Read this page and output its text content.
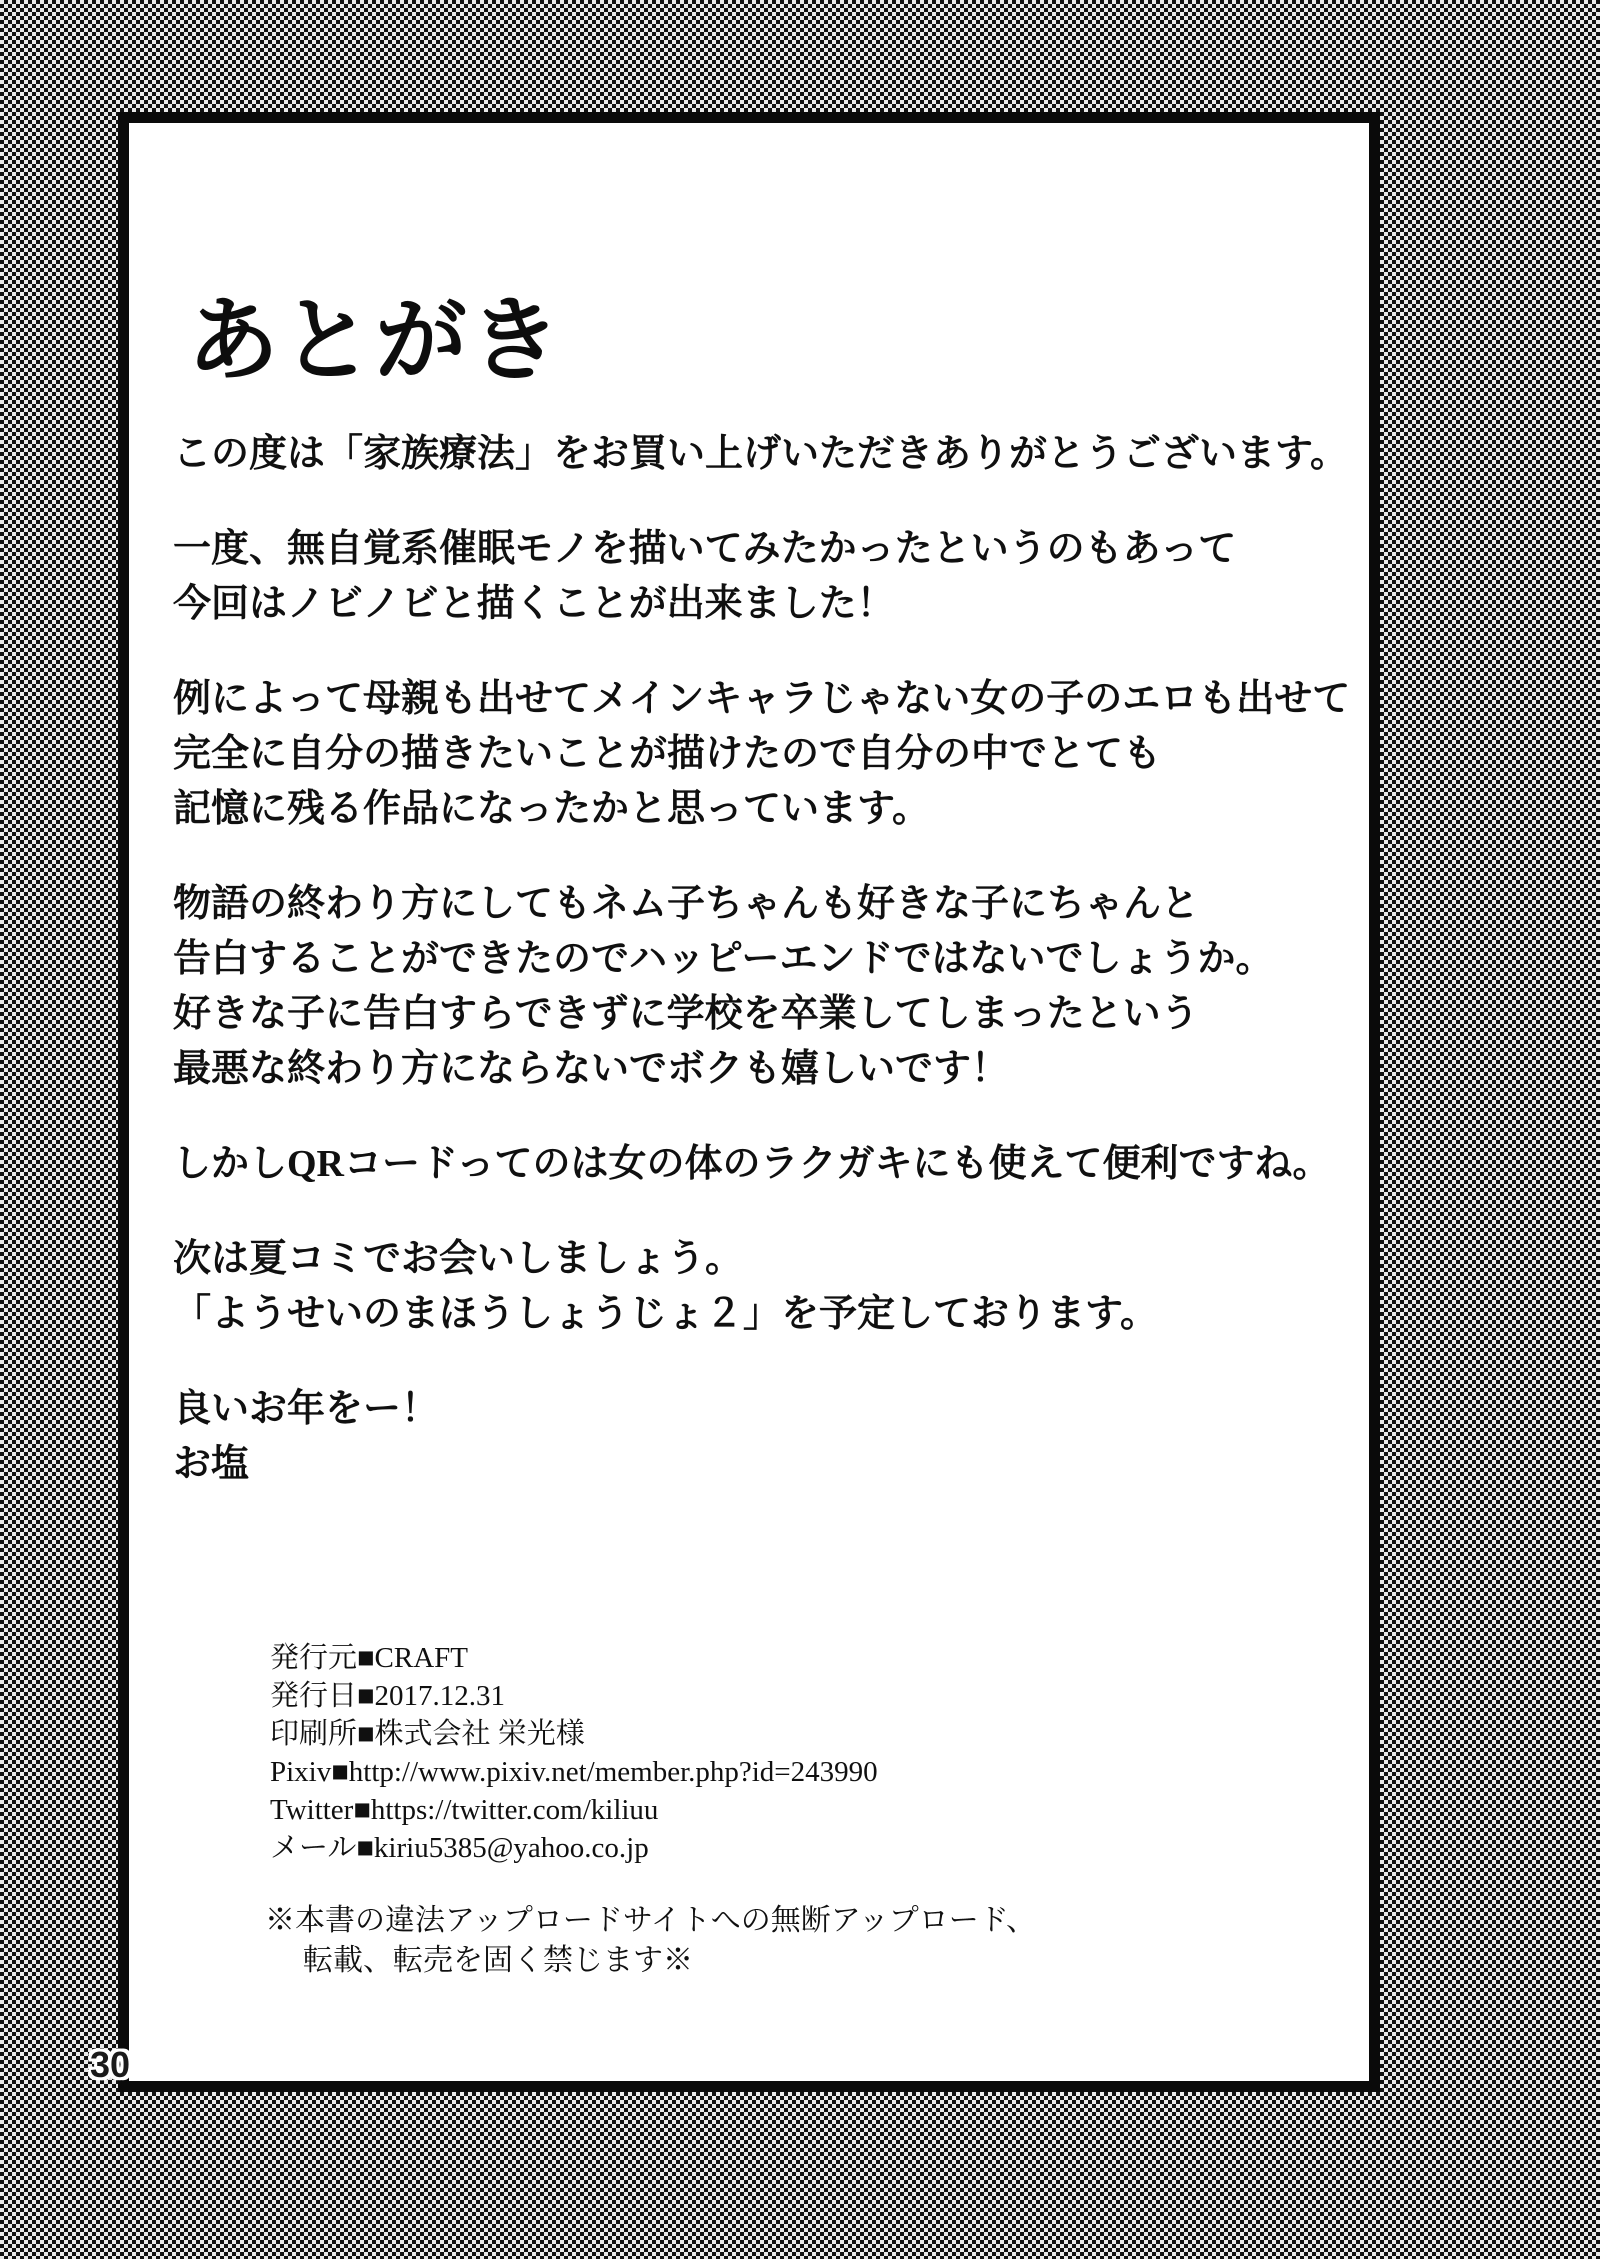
あとがき
この度は「家族療法」をお買い上げいただきありがとうございます。
一度、無自覚系催眠モノを描いてみたかったというのもあって
今回はノビノビと描くことが出来ました！
例によって母親も出せてメインキャラじゃない女の子のエロも出せて
完全に自分の描きたいことが描けたので自分の中でとても
記憶に残る作品になったかと思っています。
物語の終わり方にしてもネム子ちゃんも好きな子にちゃんと
告白することができたのでハッピーエンドではないでしょうか。
好きな子に告白すらできずに学校を卒業してしまったという
最悪な終わり方にならないでボクも嬉しいです！
しかしQRコードってのは女の体のラクガキにも使えて便利ですね。
次は夏コミでお会いしましょう。
「ようせいのまほうしょうじょ２」を予定しております。
良いお年をー！
お塩
発行元■CRAFT
発行日■2017.12.31
印刷所■株式会社 栄光様
Pixiv■http://www.pixiv.net/member.php?id=243990
Twitter■https://twitter.com/kiliuu
メール■kiriu5385@yahoo.co.jp
※本書の違法アップロードサイトへの無断アップロード、
転載、転売を固く禁じます※
30
